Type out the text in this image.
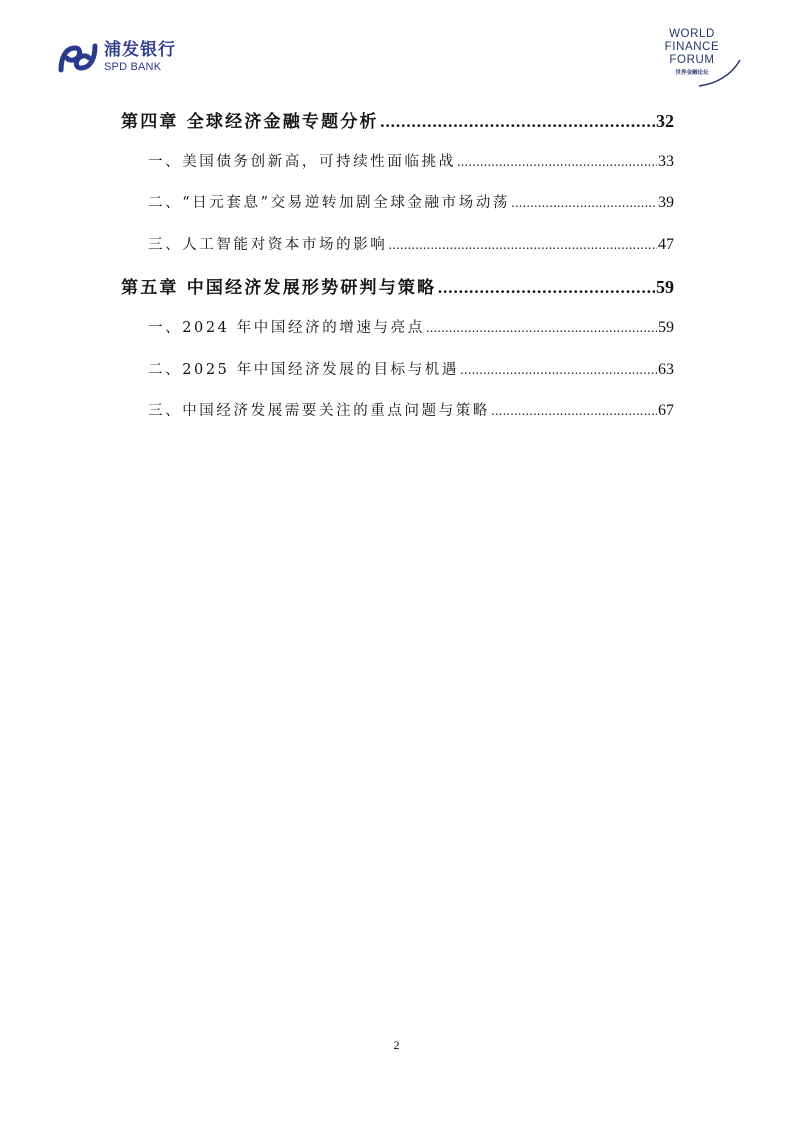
浦发银行
SPD BANK
WORLD
FINANCE
FORUM
世界金融论坛
第四章 全球经济金融专题分析 .....	32
一、美国债务创新高，可持续性面临挑战 .....	33
二、“日元套息”交易逆转加剧全球金融市场动荡 .....	39
三、人工智能对资本市场的影响 .....	47
第五章 中国经济发展形势研判与策略 .....	59
一、2024 年中国经济的增速与亮点 .....	59
二、2025 年中国经济发展的目标与机遇 .....	63
三、中国经济发展需要关注的重点问题与策略 .....	67
2
